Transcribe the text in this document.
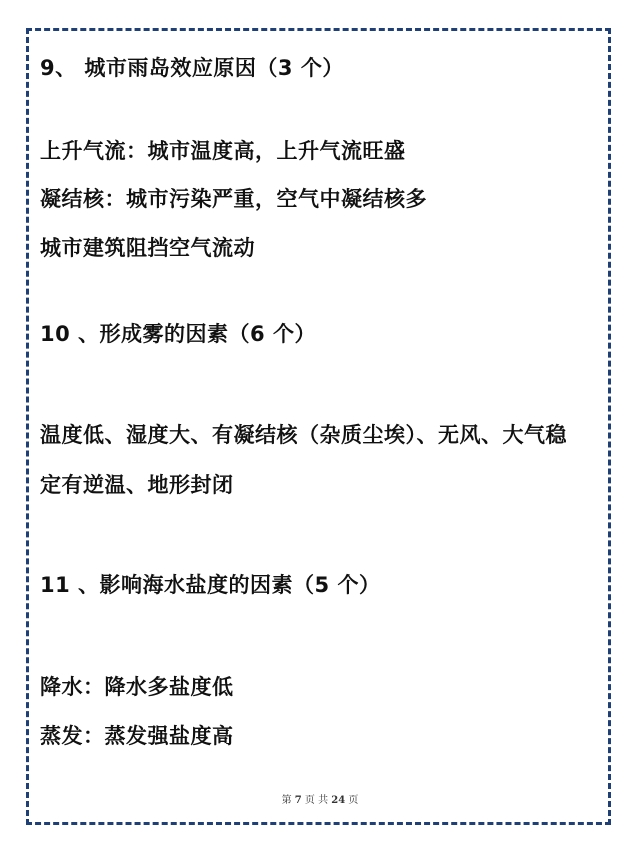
9、 城市雨岛效应原因（3 个）
上升气流：城市温度高，上升气流旺盛
凝结核：城市污染严重，空气中凝结核多
城市建筑阻挡空气流动
10 、形成雾的因素（6 个）
温度低、湿度大、有凝结核（杂质尘埃）、无风、大气稳
定有逆温、地形封闭
11 、影响海水盐度的因素（5 个）
降水：降水多盐度低
蒸发：蒸发强盐度高
第 7 页 共 24 页
